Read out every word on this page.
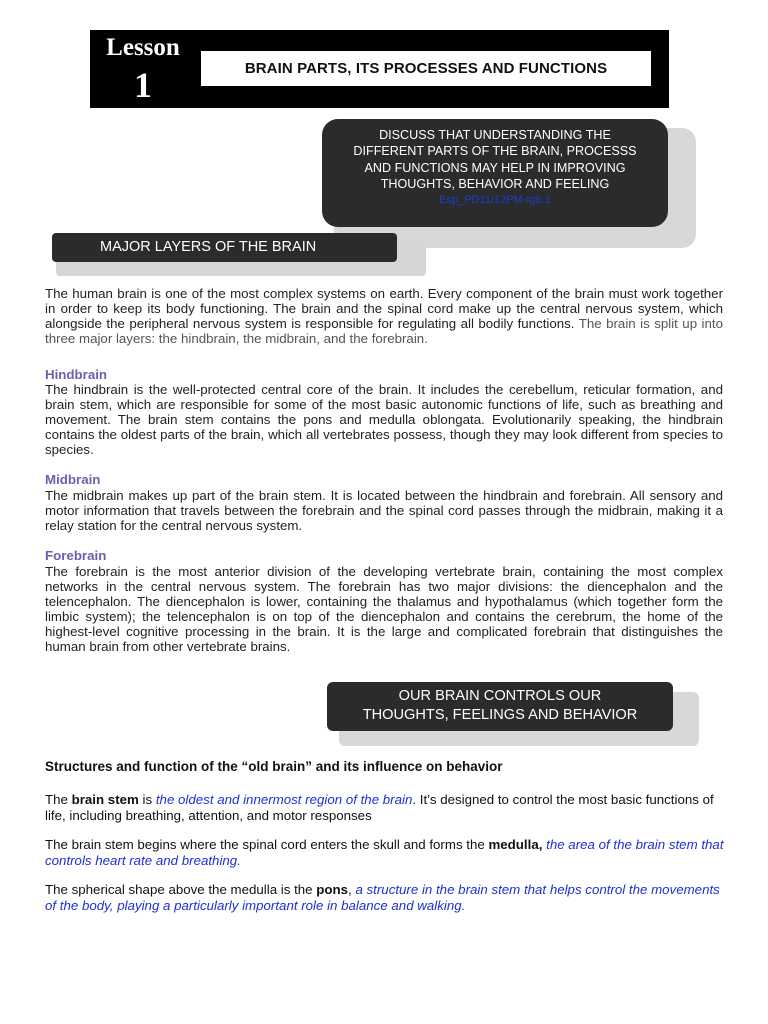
Lesson
1	BRAIN PARTS, ITS PROCESSES AND FUNCTIONS
DISCUSS THAT UNDERSTANDING THE
DIFFERENT PARTS OF THE BRAIN, PROCESSS
AND FUNCTIONS MAY HELP IN IMPROVING
THOUGHTS, BEHAVIOR AND FEELING
Esp_PD11/12PM-Ig6.1
MAJOR LAYERS OF THE BRAIN
The human brain is one of the most complex systems on earth. Every component of the brain must work together in order to keep its body functioning. The brain and the spinal cord make up the central nervous system, which alongside the peripheral nervous system is responsible for regulating all bodily functions. The brain is split up into three major layers: the hindbrain, the midbrain, and the forebrain.
Hindbrain
The hindbrain is the well-protected central core of the brain. It includes the cerebellum, reticular formation, and brain stem, which are responsible for some of the most basic autonomic functions of life, such as breathing and movement. The brain stem contains the pons and medulla oblongata. Evolutionarily speaking, the hindbrain contains the oldest parts of the brain, which all vertebrates possess, though they may look different from species to species.
Midbrain
The midbrain makes up part of the brain stem. It is located between the hindbrain and forebrain. All sensory and motor information that travels between the forebrain and the spinal cord passes through the midbrain, making it a relay station for the central nervous system.
Forebrain
The forebrain is the most anterior division of the developing vertebrate brain, containing the most complex networks in the central nervous system. The forebrain has two major divisions: the diencephalon and the telencephalon. The diencephalon is lower, containing the thalamus and hypothalamus (which together form the limbic system); the telencephalon is on top of the diencephalon and contains the cerebrum, the home of the highest-level cognitive processing in the brain. It is the large and complicated forebrain that distinguishes the human brain from other vertebrate brains.
OUR BRAIN CONTROLS OUR
THOUGHTS, FEELINGS AND BEHAVIOR
Structures and function of the “old brain” and its influence on behavior
The brain stem is the oldest and innermost region of the brain. It’s designed to control the most basic functions of life, including breathing, attention, and motor responses
The brain stem begins where the spinal cord enters the skull and forms the medulla, the area of the brain stem that controls heart rate and breathing.
The spherical shape above the medulla is the pons, a structure in the brain stem that helps control the movements of the body, playing a particularly important role in balance and walking.
